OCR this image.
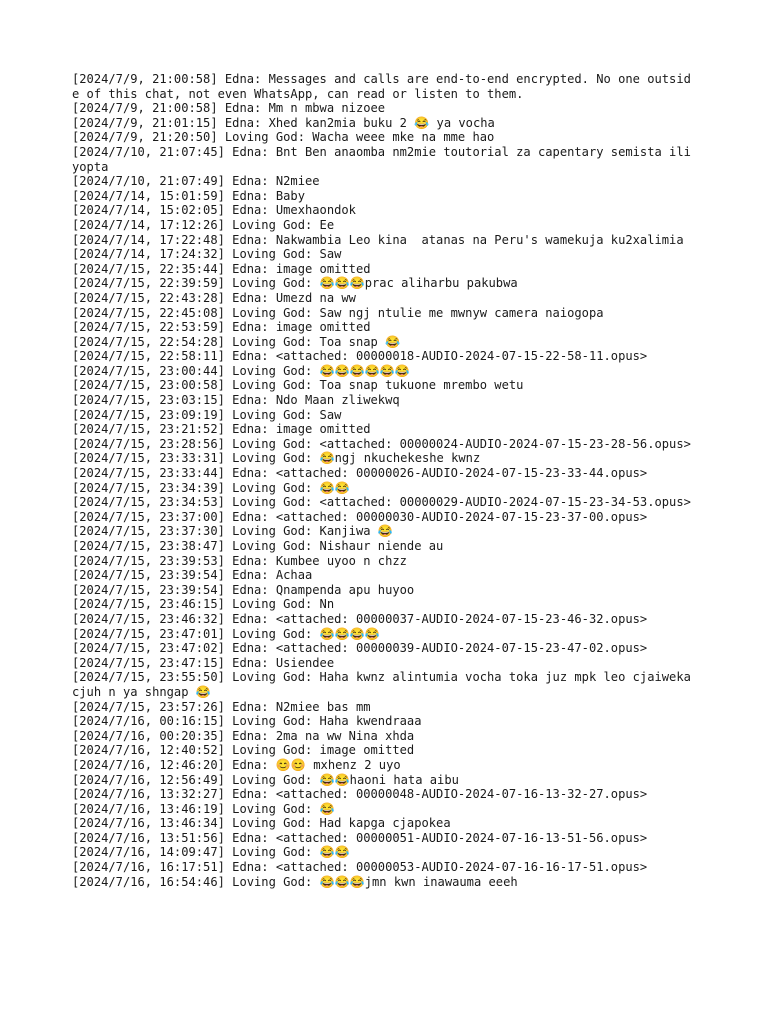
[2024/7/9, 21:00:58] Edna: Messages and calls are end-to-end encrypted. No one outside of this chat, not even WhatsApp, can read or listen to them.

[2024/7/9, 21:00:58] Edna: Mm n mbwa nizoee

[2024/7/9, 21:01:15] Edna: Xhed kan2mia buku 2 😂 ya vocha

[2024/7/9, 21:20:50] Loving God: Wacha weee mke na mme hao

[2024/7/10, 21:07:45] Edna: Bnt Ben anaomba nm2mie toutorial za capentary semista iliyopta

[2024/7/10, 21:07:49] Edna: N2miee

[2024/7/14, 15:01:59] Edna: Baby

[2024/7/14, 15:02:05] Edna: Umexhaondok

[2024/7/14, 17:12:26] Loving God: Ee

[2024/7/14, 17:22:48] Edna: Nakwambia Leo kina  atanas na Peru's wamekuja ku2xalimia

[2024/7/14, 17:24:32] Loving God: Saw

[2024/7/15, 22:35:44] Edna: image omitted

[2024/7/15, 22:39:59] Loving God: 😂😂😂prac aliharbu pakubwa

[2024/7/15, 22:43:28] Edna: Umezd na ww

[2024/7/15, 22:45:08] Loving God: Saw ngj ntulie me mwnyw camera naiogopa

[2024/7/15, 22:53:59] Edna: image omitted

[2024/7/15, 22:54:28] Loving God: Toa snap 😂

[2024/7/15, 22:58:11] Edna: <attached: 00000018-AUDIO-2024-07-15-22-58-11.opus>

[2024/7/15, 23:00:44] Loving God: 😂😂😂😂😂😂

[2024/7/15, 23:00:58] Loving God: Toa snap tukuone mrembo wetu

[2024/7/15, 23:03:15] Edna: Ndo Maan zliwekwq

[2024/7/15, 23:09:19] Loving God: Saw

[2024/7/15, 23:21:52] Edna: image omitted

[2024/7/15, 23:28:56] Loving God: <attached: 00000024-AUDIO-2024-07-15-23-28-56.opus>

[2024/7/15, 23:33:31] Loving God: 😂ngj nkuchekeshe kwnz

[2024/7/15, 23:33:44] Edna: <attached: 00000026-AUDIO-2024-07-15-23-33-44.opus>

[2024/7/15, 23:34:39] Loving God: 😂😂

[2024/7/15, 23:34:53] Loving God: <attached: 00000029-AUDIO-2024-07-15-23-34-53.opus>

[2024/7/15, 23:37:00] Edna: <attached: 00000030-AUDIO-2024-07-15-23-37-00.opus>

[2024/7/15, 23:37:30] Loving God: Kanjiwa 😂

[2024/7/15, 23:38:47] Loving God: Nishaur niende au

[2024/7/15, 23:39:53] Edna: Kumbee uyoo n chzz

[2024/7/15, 23:39:54] Edna: Achaa

[2024/7/15, 23:39:54] Edna: Qnampenda apu huyoo

[2024/7/15, 23:46:15] Loving God: Nn

[2024/7/15, 23:46:32] Edna: <attached: 00000037-AUDIO-2024-07-15-23-46-32.opus>

[2024/7/15, 23:47:01] Loving God: 😂😂😂😂

[2024/7/15, 23:47:02] Edna: <attached: 00000039-AUDIO-2024-07-15-23-47-02.opus>

[2024/7/15, 23:47:15] Edna: Usiendee

[2024/7/15, 23:55:50] Loving God: Haha kwnz alintumia vocha toka juz mpk leo cjaiweka cjuh n ya shngap 😂

[2024/7/15, 23:57:26] Edna: N2miee bas mm

[2024/7/16, 00:16:15] Loving God: Haha kwendraaa

[2024/7/16, 00:20:35] Edna: 2ma na ww Nina xhda

[2024/7/16, 12:40:52] Loving God: image omitted

[2024/7/16, 12:46:20] Edna: 😊😊 mxhenz 2 uyo

[2024/7/16, 12:56:49] Loving God: 😂😂haoni hata aibu

[2024/7/16, 13:32:27] Edna: <attached: 00000048-AUDIO-2024-07-16-13-32-27.opus>

[2024/7/16, 13:46:19] Loving God: 😂

[2024/7/16, 13:46:34] Loving God: Had kapga cjapokea

[2024/7/16, 13:51:56] Edna: <attached: 00000051-AUDIO-2024-07-16-13-51-56.opus>

[2024/7/16, 14:09:47] Loving God: 😂😂

[2024/7/16, 16:17:51] Edna: <attached: 00000053-AUDIO-2024-07-16-16-17-51.opus>

[2024/7/16, 16:54:46] Loving God: 😂😂😂jmn kwn inawauma eeeh
